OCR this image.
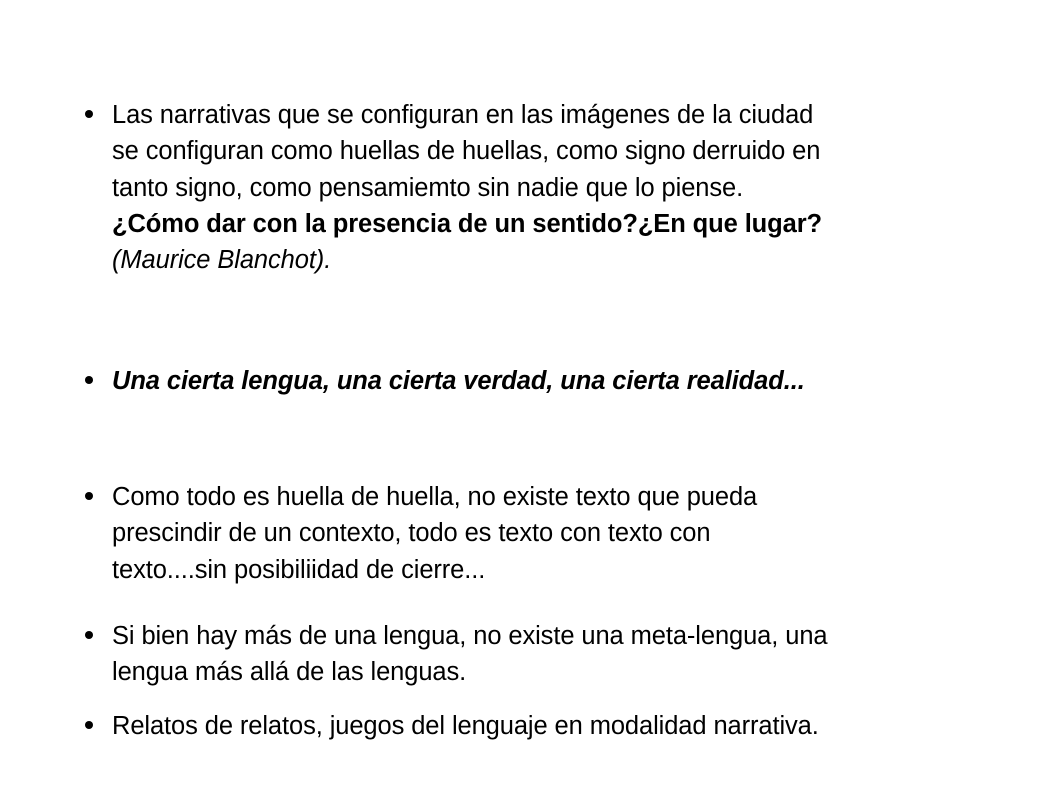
Las narrativas que se configuran en las imágenes de la ciudad
se configuran como huellas de huellas, como signo derruido en
tanto signo, como pensamiemto sin nadie que lo piense.
¿Cómo dar con la presencia de un sentido?¿En que lugar?
(Maurice Blanchot).
Una cierta lengua, una cierta verdad, una cierta realidad...
Como todo es huella de huella, no existe texto que pueda
prescindir de un contexto, todo es texto con texto con
texto....sin posibiliidad de cierre...
Si bien hay más de una lengua, no existe una meta-lengua, una
lengua más allá de las lenguas.
Relatos de relatos, juegos del lenguaje en modalidad narrativa.
